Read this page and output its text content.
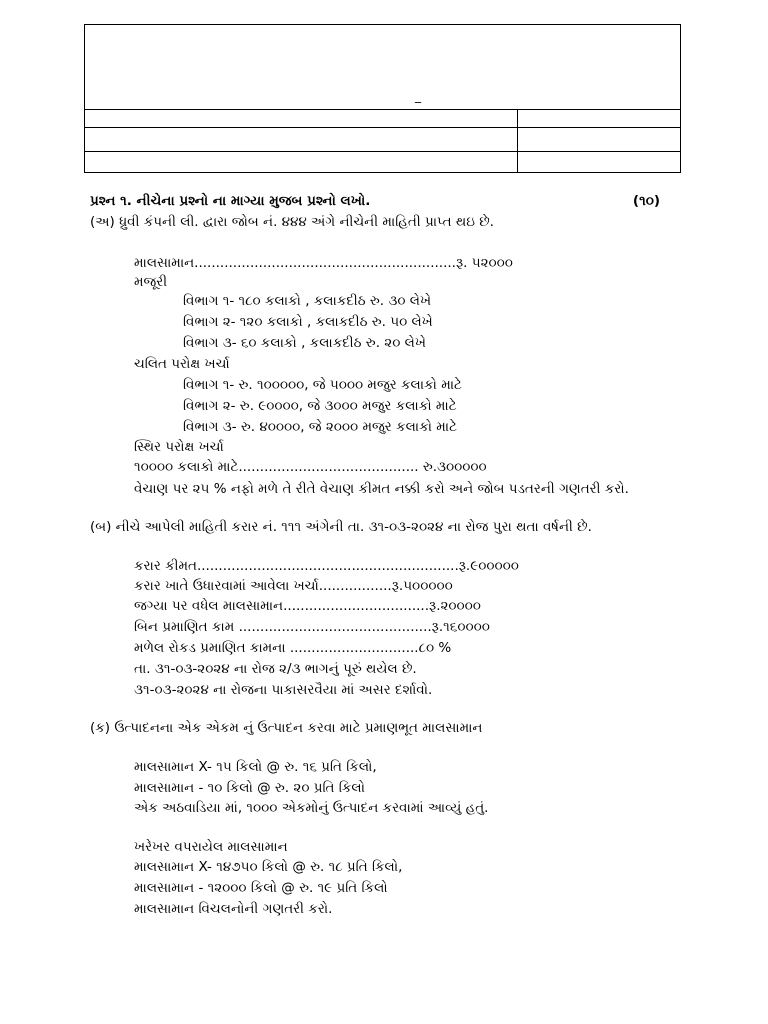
_
પ્રશ્ન ૧. નીચેના પ્રશ્નો ના માગ્યા મુજબ પ્રશ્નો લખો.	(૧૦)
(અ) ધ્રુવી કંપની લી. દ્વારા જોબ નં. ૪૪૪ અંગે નીચેની માહિતી પ્રાપ્ત થઇ છે.
માલસામાન.............................................................રૂ. ૫૨૦૦૦
મજૂરી
વિભાગ ૧- ૧૮૦ કલાકો , કલાકદીઠ રુ. ૩૦ લેખે
વિભાગ ૨- ૧૨૦ કલાકો , કલાકદીઠ રુ. ૫૦ લેખે
વિભાગ ૩- ૬૦ કલાકો , કલાકદીઠ રુ. ૨૦ લેખે
ચલિત પરોક્ષ ખર્ચા
વિભાગ ૧- રુ. ૧૦૦૦૦૦, જે ૫૦૦૦ મજુર કલાકો માટે
વિભાગ ૨- રુ. ૯૦૦૦૦, જે ૩૦૦૦ મજુર કલાકો માટે
વિભાગ ૩- રુ. ૪૦૦૦૦, જે ૨૦૦૦ મજુર કલાકો માટે
સ્થિર પરોક્ષ ખર્ચા
૧૦૦૦૦ કલાકો માટે.......................................... રુ.૩૦૦૦૦૦
વેચાણ પર ૨૫ % નફો મળે તે રીતે વેચાણ કીમત નક્કી કરો અને જોબ પડતરની ગણતરી કરો.
(બ) નીચે આપેલી માહિતી કરાર નં. ૧૧૧ અંગેની તા. ૩૧-૦૩-૨૦૨૪ ના રોજ પુરા થતા વર્ષની છે.
કરાર કીમત.............................................................રૂ.૯૦૦૦૦૦
કરાર ખાતે ઉધારવામાં આવેલા ખર્ચા.................રૂ.૫૦૦૦૦૦
જગ્યા પર વધેલ માલસામાન..................................રૂ.૨૦૦૦૦
બિન પ્રમાણિત કામ .............................................રૂ.૧૬૦૦૦૦
મળેલ રોકડ પ્રમાણિત કામના ..............................૮૦ %
તા. ૩૧-૦૩-૨૦૨૪ ના રોજ ૨/૩ ભાગનું પૂરું થયેલ છે.
૩૧-૦૩-૨૦૨૪ ના રોજના પાકાસરવૈયા માં અસર દર્શાવો.
(ક) ઉત્પાદનના એક એકમ નું ઉત્પાદન કરવા માટે પ્રમાણભૂત માલસામાન
માલસામાન X- ૧૫ કિલો @ રુ. ૧૬ પ્રતિ કિલો,
માલસામાન - ૧૦ કિલો @ રુ. ૨૦ પ્રતિ કિલો
એક અઠવાડિયા માં, ૧૦૦૦ એકમોનું ઉત્પાદન કરવામાં આવ્યું હતું.
ખરેખર વપરાયેલ માલસામાન
માલસામાન X- ૧૪૭૫૦ કિલો @ રુ. ૧૮ પ્રતિ કિલો,
માલસામાન - ૧૨૦૦૦ કિલો @ રુ. ૧૯ પ્રતિ કિલો
માલસામાન વિચલનોની ગણતરી કરો.
